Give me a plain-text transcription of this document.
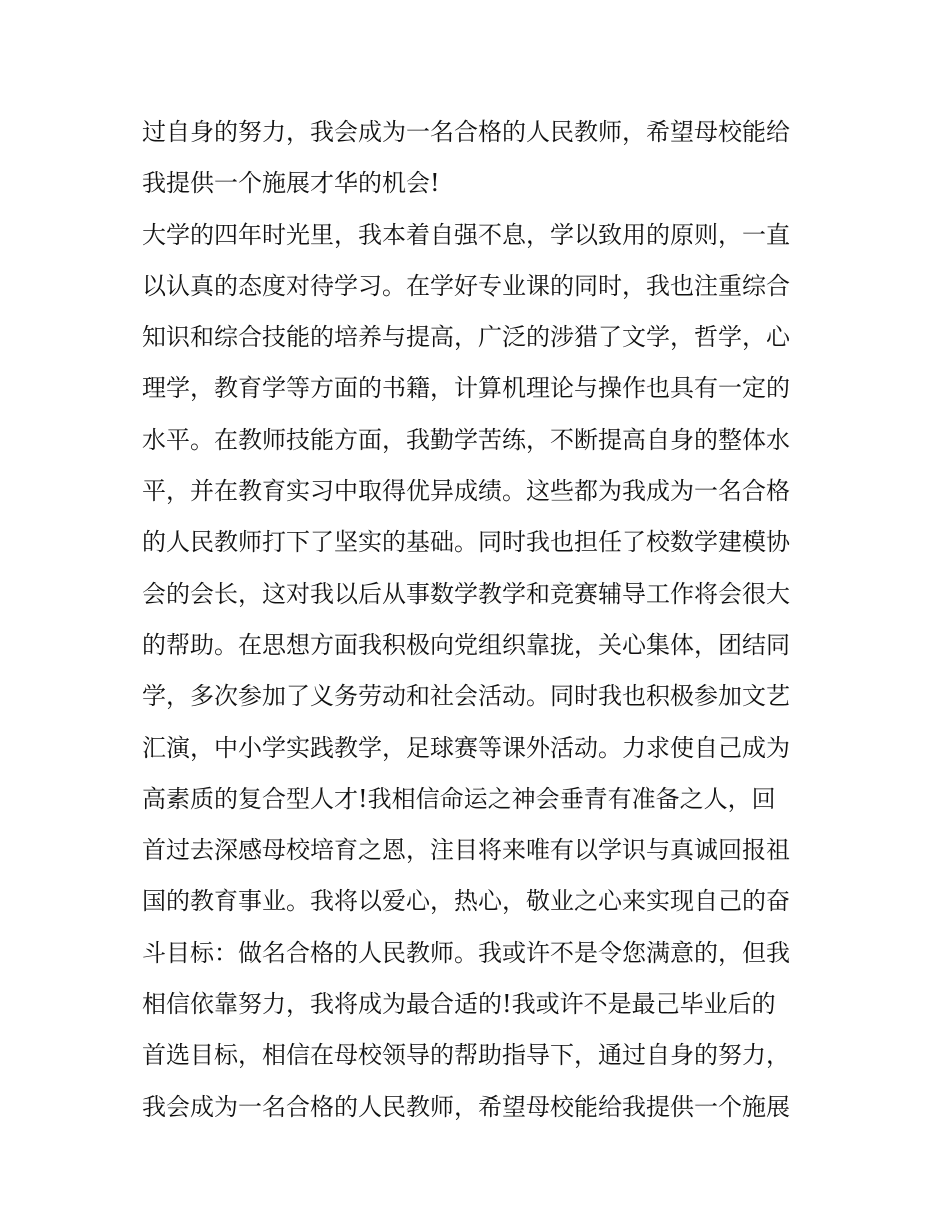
过自身的努力，我会成为一名合格的人民教师，希望母校能给
我提供一个施展才华的机会!
大学的四年时光里，我本着自强不息，学以致用的原则，一直
以认真的态度对待学习。在学好专业课的同时，我也注重综合
知识和综合技能的培养与提高，广泛的涉猎了文学，哲学，心
理学，教育学等方面的书籍，计算机理论与操作也具有一定的
水平。在教师技能方面，我勤学苦练，不断提高自身的整体水
平，并在教育实习中取得优异成绩。这些都为我成为一名合格
的人民教师打下了坚实的基础。同时我也担任了校数学建模协
会的会长，这对我以后从事数学教学和竞赛辅导工作将会很大
的帮助。在思想方面我积极向党组织靠拢，关心集体，团结同
学，多次参加了义务劳动和社会活动。同时我也积极参加文艺
汇演，中小学实践教学，足球赛等课外活动。力求使自己成为
高素质的复合型人才!我相信命运之神会垂青有准备之人，回
首过去深感母校培育之恩，注目将来唯有以学识与真诚回报祖
国的教育事业。我将以爱心，热心，敬业之心来实现自己的奋
斗目标：做名合格的人民教师。我或许不是令您满意的，但我
相信依靠努力，我将成为最合适的!我或许不是最己毕业后的
首选目标，相信在母校领导的帮助指导下，通过自身的努力，
我会成为一名合格的人民教师，希望母校能给我提供一个施展
